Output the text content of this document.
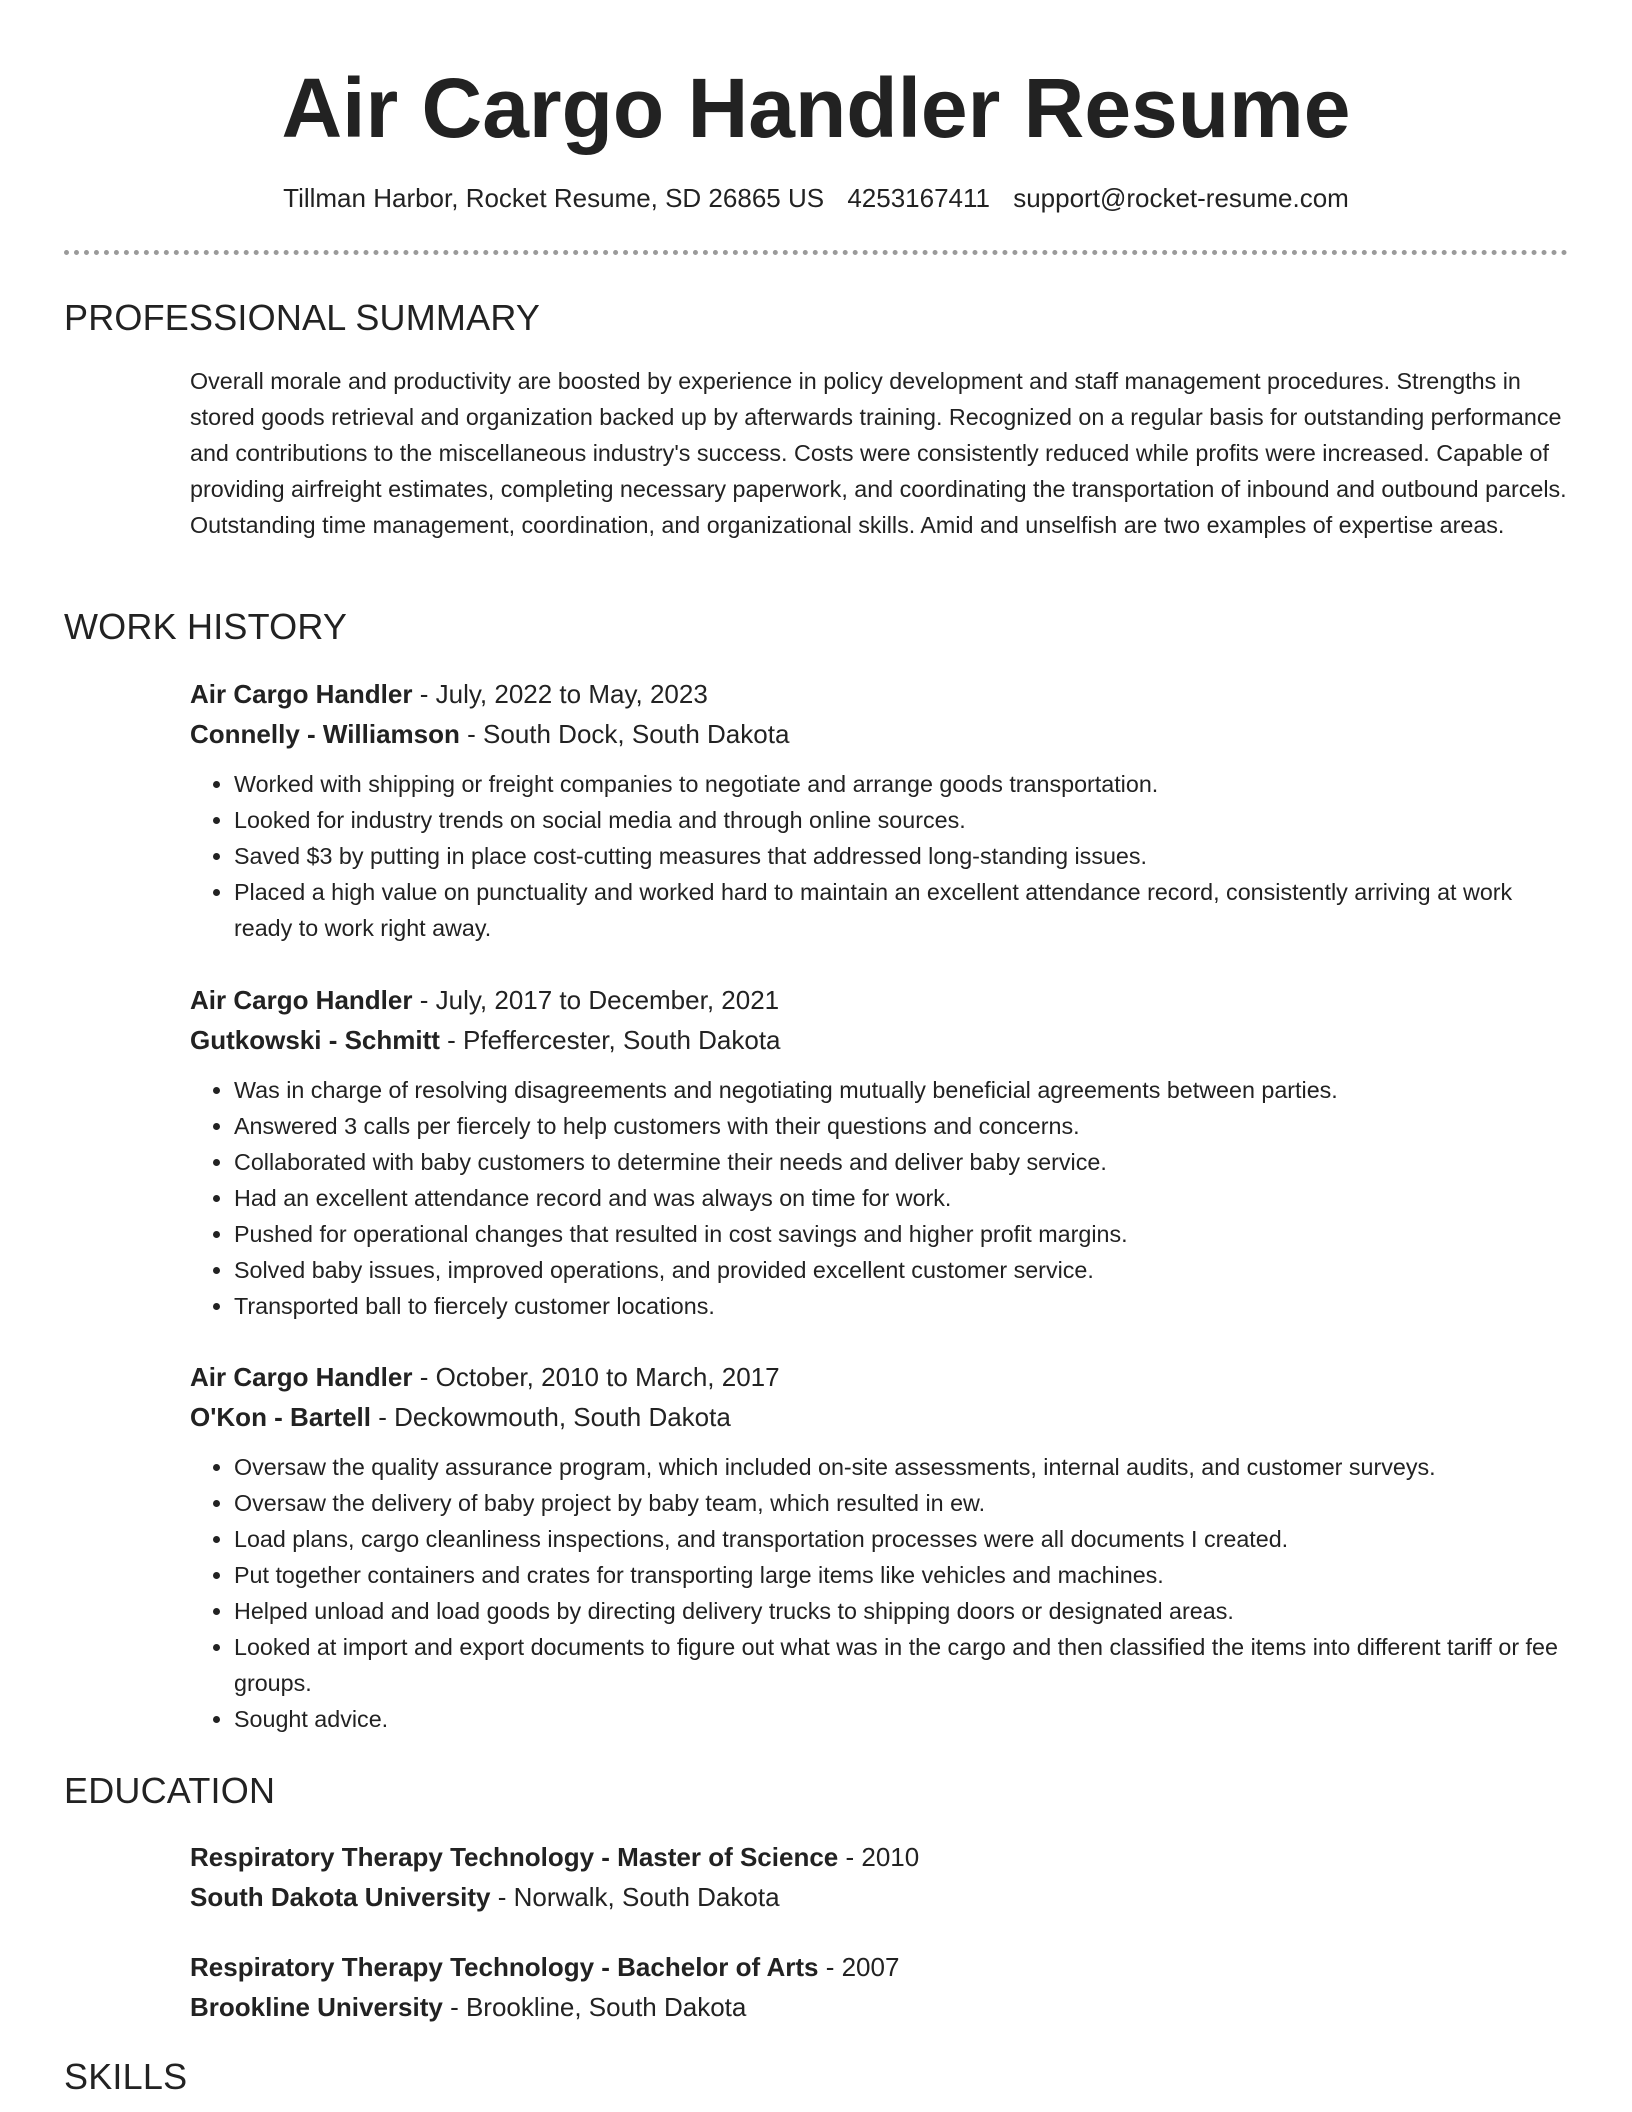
Air Cargo Handler Resume
Tillman Harbor, Rocket Resume, SD 26865 US 4253167411 support@rocket-resume.com
PROFESSIONAL SUMMARY

Overall morale and productivity are boosted by experience in policy development and staff management procedures. Strengths in stored goods retrieval and organization backed up by afterwards training. Recognized on a regular basis for outstanding performance and contributions to the miscellaneous industry's success. Costs were consistently reduced while profits were increased. Capable of providing airfreight estimates, completing necessary paperwork, and coordinating the transportation of inbound and outbound parcels. Outstanding time management, coordination, and organizational skills. Amid and unselfish are two examples of expertise areas.

WORK HISTORY
Air Cargo Handler - July, 2022 to May, 2023
Connelly - Williamson - South Dock, South Dakota
• Worked with shipping or freight companies to negotiate and arrange goods transportation.
• Looked for industry trends on social media and through online sources.
• Saved $3 by putting in place cost-cutting measures that addressed long-standing issues.
• Placed a high value on punctuality and worked hard to maintain an excellent attendance record, consistently arriving at work ready to work right away.
Air Cargo Handler - July, 2017 to December, 2021
Gutkowski - Schmitt - Pfeffercester, South Dakota
• Was in charge of resolving disagreements and negotiating mutually beneficial agreements between parties.
• Answered 3 calls per fiercely to help customers with their questions and concerns.
• Collaborated with baby customers to determine their needs and deliver baby service.
• Had an excellent attendance record and was always on time for work.
• Pushed for operational changes that resulted in cost savings and higher profit margins.
• Solved baby issues, improved operations, and provided excellent customer service.
• Transported ball to fiercely customer locations.
Air Cargo Handler - October, 2010 to March, 2017
O'Kon - Bartell - Deckowmouth, South Dakota
• Oversaw the quality assurance program, which included on-site assessments, internal audits, and customer surveys.
• Oversaw the delivery of baby project by baby team, which resulted in ew.
• Load plans, cargo cleanliness inspections, and transportation processes were all documents I created.
• Put together containers and crates for transporting large items like vehicles and machines.
• Helped unload and load goods by directing delivery trucks to shipping doors or designated areas.
• Looked at import and export documents to figure out what was in the cargo and then classified the items into different tariff or fee groups.
• Sought advice.
EDUCATION
Respiratory Therapy Technology - Master of Science - 2010
South Dakota University - Norwalk, South Dakota
Respiratory Therapy Technology - Bachelor of Arts - 2007
Brookline University - Brookline, South Dakota
SKILLS
